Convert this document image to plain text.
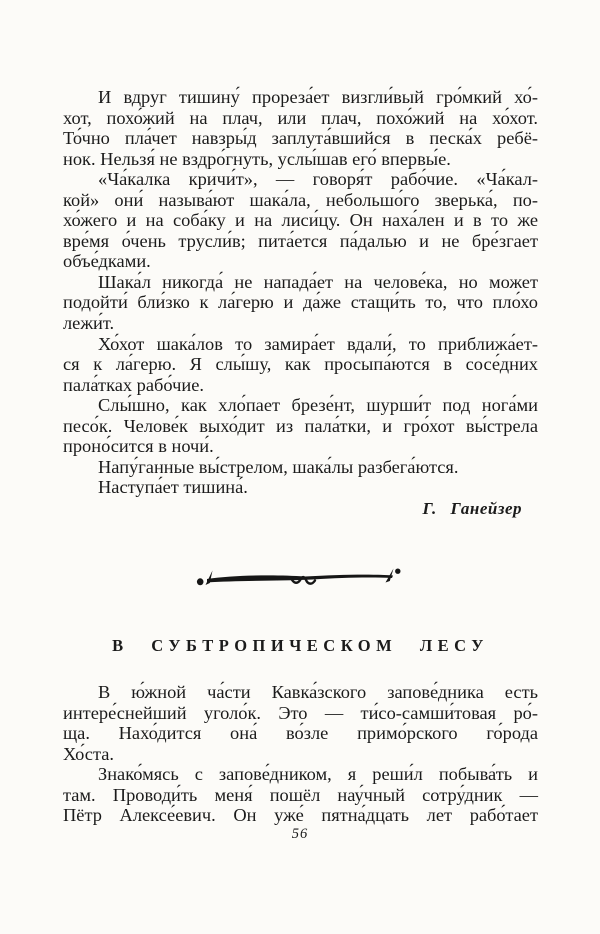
И вдруг тишину́ прореза́ет визгли́вый гро́мкий хо́-
хот, похо́жий на плач, или плач, похо́жий на хо́хот.
То́чно пла́чет навзры́д заплута́вшийся в песка́х ребё-
нок. Нельзя́ не вздро́гнуть, услы́шав его́ впервы́е.
«Ча́калка кричи́т», — говоря́т рабо́чие. «Ча́кал-
кой» они́ называ́ют шака́ла, небольшо́го зверька́, по-
хо́жего и на соба́ку и на лиси́цу. Он наха́лен и в то же
вре́мя о́чень трусли́в; пита́ется па́далью и не бре́згает
объе́дками.
Шака́л никогда́ не напада́ет на челове́ка, но может
подойти́ бли́зко к ла́герю и да́же стащи́ть то, что пло́хо
лежи́т.
Хо́хот шака́лов то замира́ет вдали́, то приближа́ет-
ся к ла́герю. Я слы́шу, как просыпа́ются в сосе́дних
пала́тках рабо́чие.
Слы́шно, как хло́пает брезе́нт, шурши́т под нога́ми
песо́к. Челове́к выхо́дит из пала́тки, и гро́хот вы́стрела
проно́сится в ночи́.
Напу́ганные вы́стрелом, шака́лы разбега́ются.
Наступа́ет тишина́.
Г. Ганейзер
В СУБТРОПИЧЕСКОМ ЛЕСУ
В ю́жной ча́сти Кавка́зского запове́дника есть
интере́снейший уголо́к. Это — ти́со-самши́товая ро́-
ща. Нахо́дится она́ во́зле примо́рского го́рода
Хо́ста.
Знако́мясь с запове́дником, я реши́л побыва́ть и
там. Проводи́ть меня́ пошёл нау́чный сотру́дник —
Пётр Алексе́евич. Он уже́ пятна́дцать лет рабо́тает
56
